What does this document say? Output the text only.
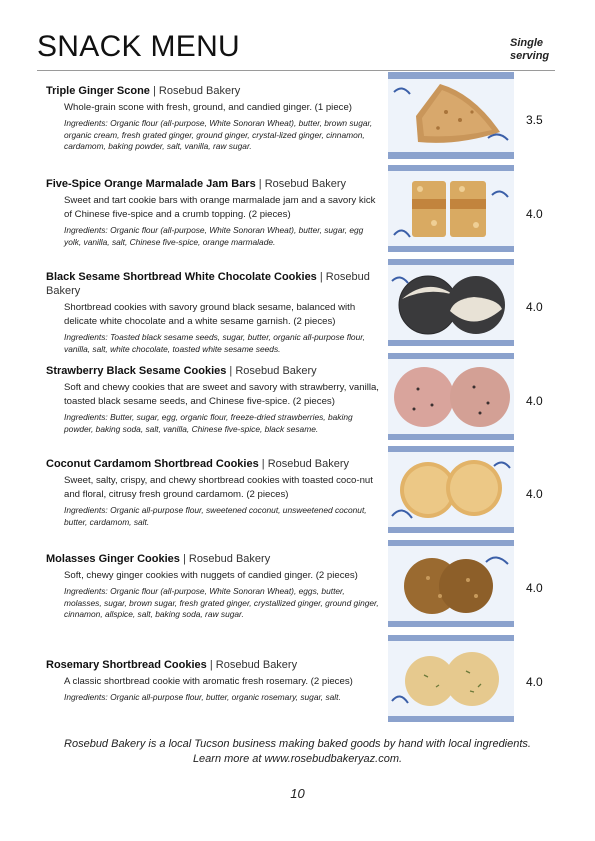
SNACK MENU	Single serving

Triple Ginger Scone | Rosebud Bakery

Whole-grain scone with fresh, ground, and candied ginger. (1 piece)

Ingredients: Organic flour (all-purpose, White Sonoran Wheat), butter, brown sugar, organic cream, fresh grated ginger, ground ginger, crystal-lized ginger, cinnamon, cardamom, baking powder, salt, vanilla, raw sugar.

3.5

Five-Spice Orange Marmalade Jam Bars | Rosebud Bakery

Sweet and tart cookie bars with orange marmalade jam and a savory kick of Chinese five-spice and a crumb topping. (2 pieces)

Ingredients: Organic flour (all-purpose, White Sonoran Wheat), butter, sugar, egg yolk, vanilla, salt, Chinese five-spice, orange marmalade.

4.0

Black Sesame Shortbread White Chocolate Cookies | Rosebud Bakery

Shortbread cookies with savory ground black sesame, balanced with delicate white chocolate and a white sesame garnish. (2 pieces)

Ingredients: Toasted black sesame seeds, sugar, butter, organic all-purpose flour, vanilla, salt, white chocolate, toasted white sesame seeds.

4.0

Strawberry Black Sesame Cookies | Rosebud Bakery

Soft and chewy cookies that are sweet and savory with strawberry, vanilla, toasted black sesame seeds, and Chinese five-spice. (2 pieces)

Ingredients: Butter, sugar, egg, organic flour, freeze-dried strawberries, baking powder, baking soda, salt, vanilla, Chinese five-spice, black sesame.

4.0

Coconut Cardamom Shortbread Cookies | Rosebud Bakery

Sweet, salty, crispy, and chewy shortbread cookies with toasted coco-nut and floral, citrusy fresh ground cardamom. (2 pieces)

Ingredients: Organic all-purpose flour, sweetened coconut, unsweetened coconut, butter, cardamom, salt.

4.0

Molasses Ginger Cookies | Rosebud Bakery

Soft, chewy ginger cookies with nuggets of candied ginger. (2 pieces)

Ingredients: Organic flour (all-purpose, White Sonoran Wheat), eggs, butter, molasses, sugar, brown sugar, fresh grated ginger, crystallized ginger, ground ginger, cinnamon, allspice, salt, baking soda, raw sugar.

4.0

Rosemary Shortbread Cookies | Rosebud Bakery

A classic shortbread cookie with aromatic fresh rosemary. (2 pieces)

Ingredients: Organic all-purpose flour, butter, organic rosemary, sugar, salt.

4.0
Rosebud Bakery is a local Tucson business making baked goods by hand with local ingredients.
Learn more at www.rosebudbakeryaz.com.
10
